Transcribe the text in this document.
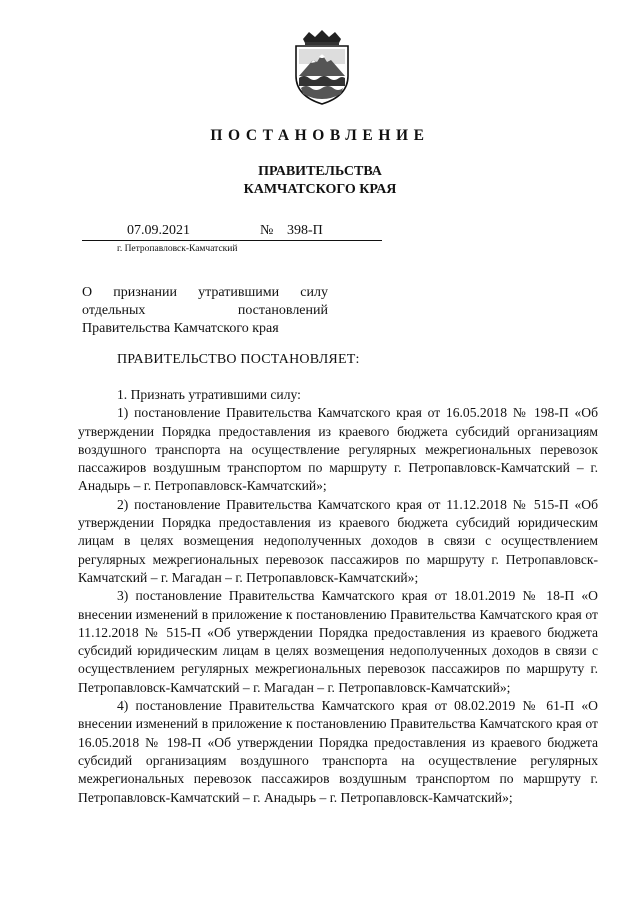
ПОСТАНОВЛЕНИЕ
ПРАВИТЕЛЬСТВА
КАМЧАТСКОГО КРАЯ
07.09.2021	№ 398-П
г. Петропавловск-Камчатский
О признании утратившими силу
отдельных постановлений
Правительства Камчатского края
ПРАВИТЕЛЬСТВО ПОСТАНОВЛЯЕТ:

1. Признать утратившими силу:

1) постановление Правительства Камчатского края от 16.05.2018 № 198-П «Об утверждении Порядка предоставления из краевого бюджета субсидий организациям воздушного транспорта на осуществление регулярных межрегиональных перевозок пассажиров воздушным транспортом по маршруту г. Петропавловск-Камчатский – г. Анадырь – г. Петропавловск-Камчатский»;

2) постановление Правительства Камчатского края от 11.12.2018 № 515-П «Об утверждении Порядка предоставления из краевого бюджета субсидий юридическим лицам в целях возмещения недополученных доходов в связи с осуществлением регулярных межрегиональных перевозок пассажиров по маршруту г. Петропавловск-Камчатский – г. Магадан – г. Петропавловск-Камчатский»;

3) постановление Правительства Камчатского края от 18.01.2019 № 18-П «О внесении изменений в приложение к постановлению Правительства Камчатского края от 11.12.2018 № 515-П «Об утверждении Порядка предоставления из краевого бюджета субсидий юридическим лицам в целях возмещения недополученных доходов в связи с осуществлением регулярных межрегиональных перевозок пассажиров по маршруту г. Петропавловск-Камчатский – г. Магадан – г. Петропавловск-Камчатский»;

4) постановление Правительства Камчатского края от 08.02.2019 № 61-П «О внесении изменений в приложение к постановлению Правительства Камчатского края от 16.05.2018 № 198-П «Об утверждении Порядка предоставления из краевого бюджета субсидий организациям воздушного транспорта на осуществление регулярных межрегиональных перевозок пассажиров воздушным транспортом по маршруту г. Петропавловск-Камчатский – г. Анадырь – г. Петропавловск-Камчатский»;
